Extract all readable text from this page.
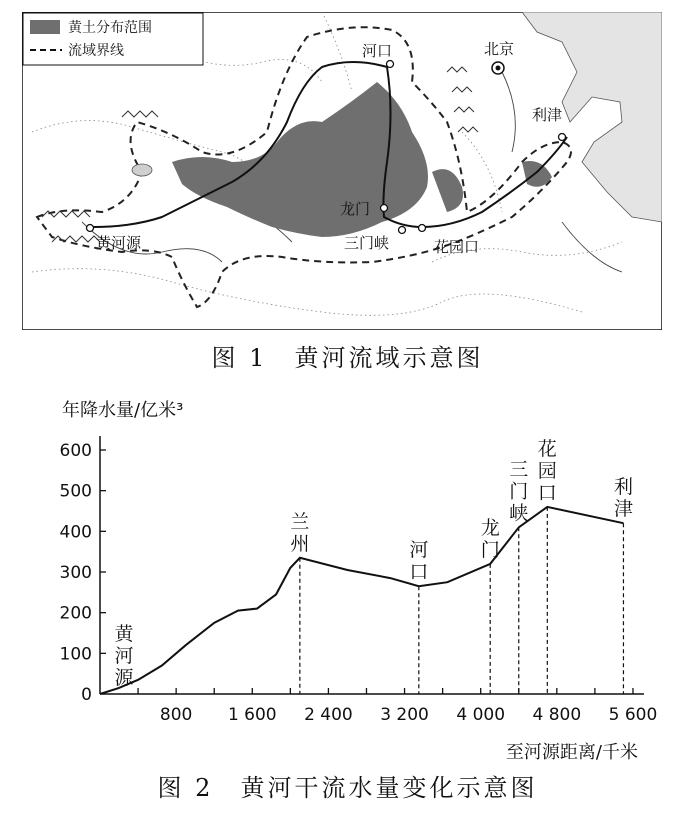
黄土分布范围
流域界线
黄河源
河口	北京
利津
龙门
三门峡	花园口
图 1　黄河流域示意图
年降水量/亿米³
至河源距离/千米
0
100
200
300
400
500
600
800 1 600 2 400 3 200 4 000 4 800 5 600
黄
河
源
兰
州	河
口
龙
门
三
门
峡
花
园
口	利
津
图 2　黄河干流水量变化示意图
